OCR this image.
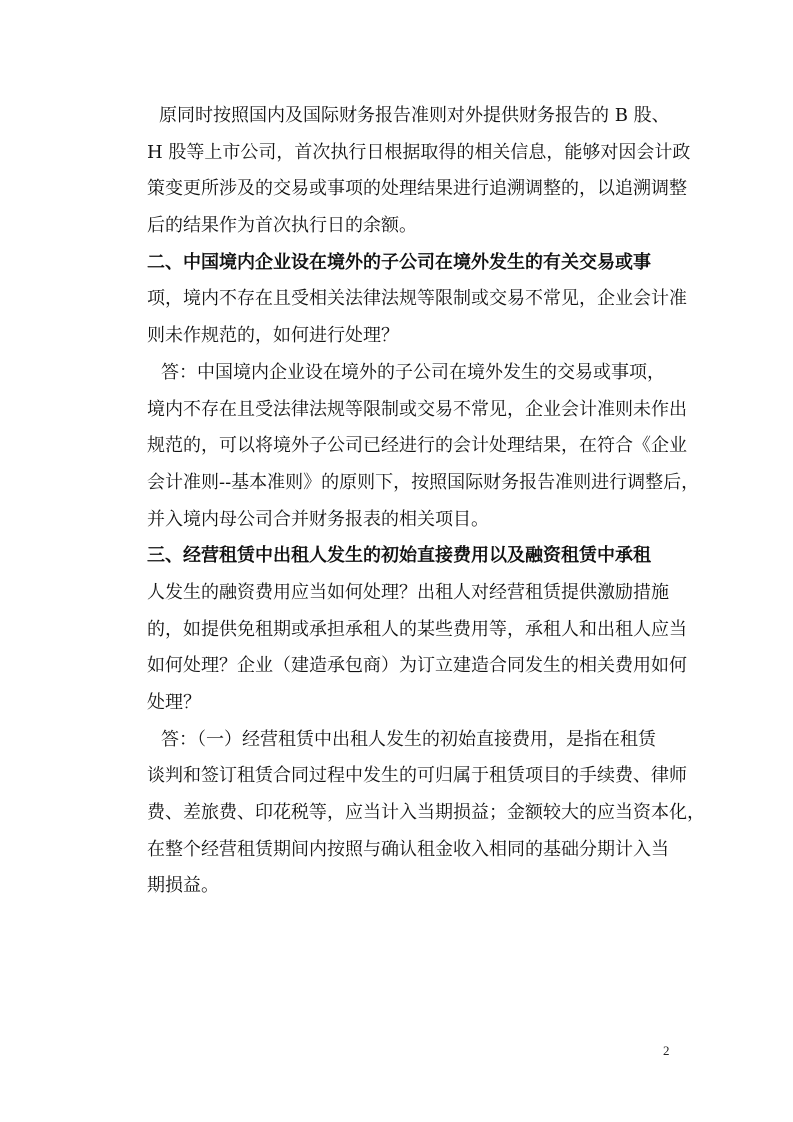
原同时按照国内及国际财务报告准则对外提供财务报告的 B 股、
H 股等上市公司，首次执行日根据取得的相关信息，能够对因会计政
策变更所涉及的交易或事项的处理结果进行追溯调整的，以追溯调整
后的结果作为首次执行日的余额。
二、中国境内企业设在境外的子公司在境外发生的有关交易或事
项，境内不存在且受相关法律法规等限制或交易不常见，企业会计准
则未作规范的，如何进行处理？
答：中国境内企业设在境外的子公司在境外发生的交易或事项，
境内不存在且受法律法规等限制或交易不常见，企业会计准则未作出
规范的，可以将境外子公司已经进行的会计处理结果，在符合《企业
会计准则--基本准则》的原则下，按照国际财务报告准则进行调整后，
并入境内母公司合并财务报表的相关项目。
三、经营租赁中出租人发生的初始直接费用以及融资租赁中承租
人发生的融资费用应当如何处理？出租人对经营租赁提供激励措施
的，如提供免租期或承担承租人的某些费用等，承租人和出租人应当
如何处理？企业（建造承包商）为订立建造合同发生的相关费用如何
处理？
答：（一）经营租赁中出租人发生的初始直接费用，是指在租赁
谈判和签订租赁合同过程中发生的可归属于租赁项目的手续费、律师
费、差旅费、印花税等，应当计入当期损益；金额较大的应当资本化，
在整个经营租赁期间内按照与确认租金收入相同的基础分期计入当
期损益。
2
